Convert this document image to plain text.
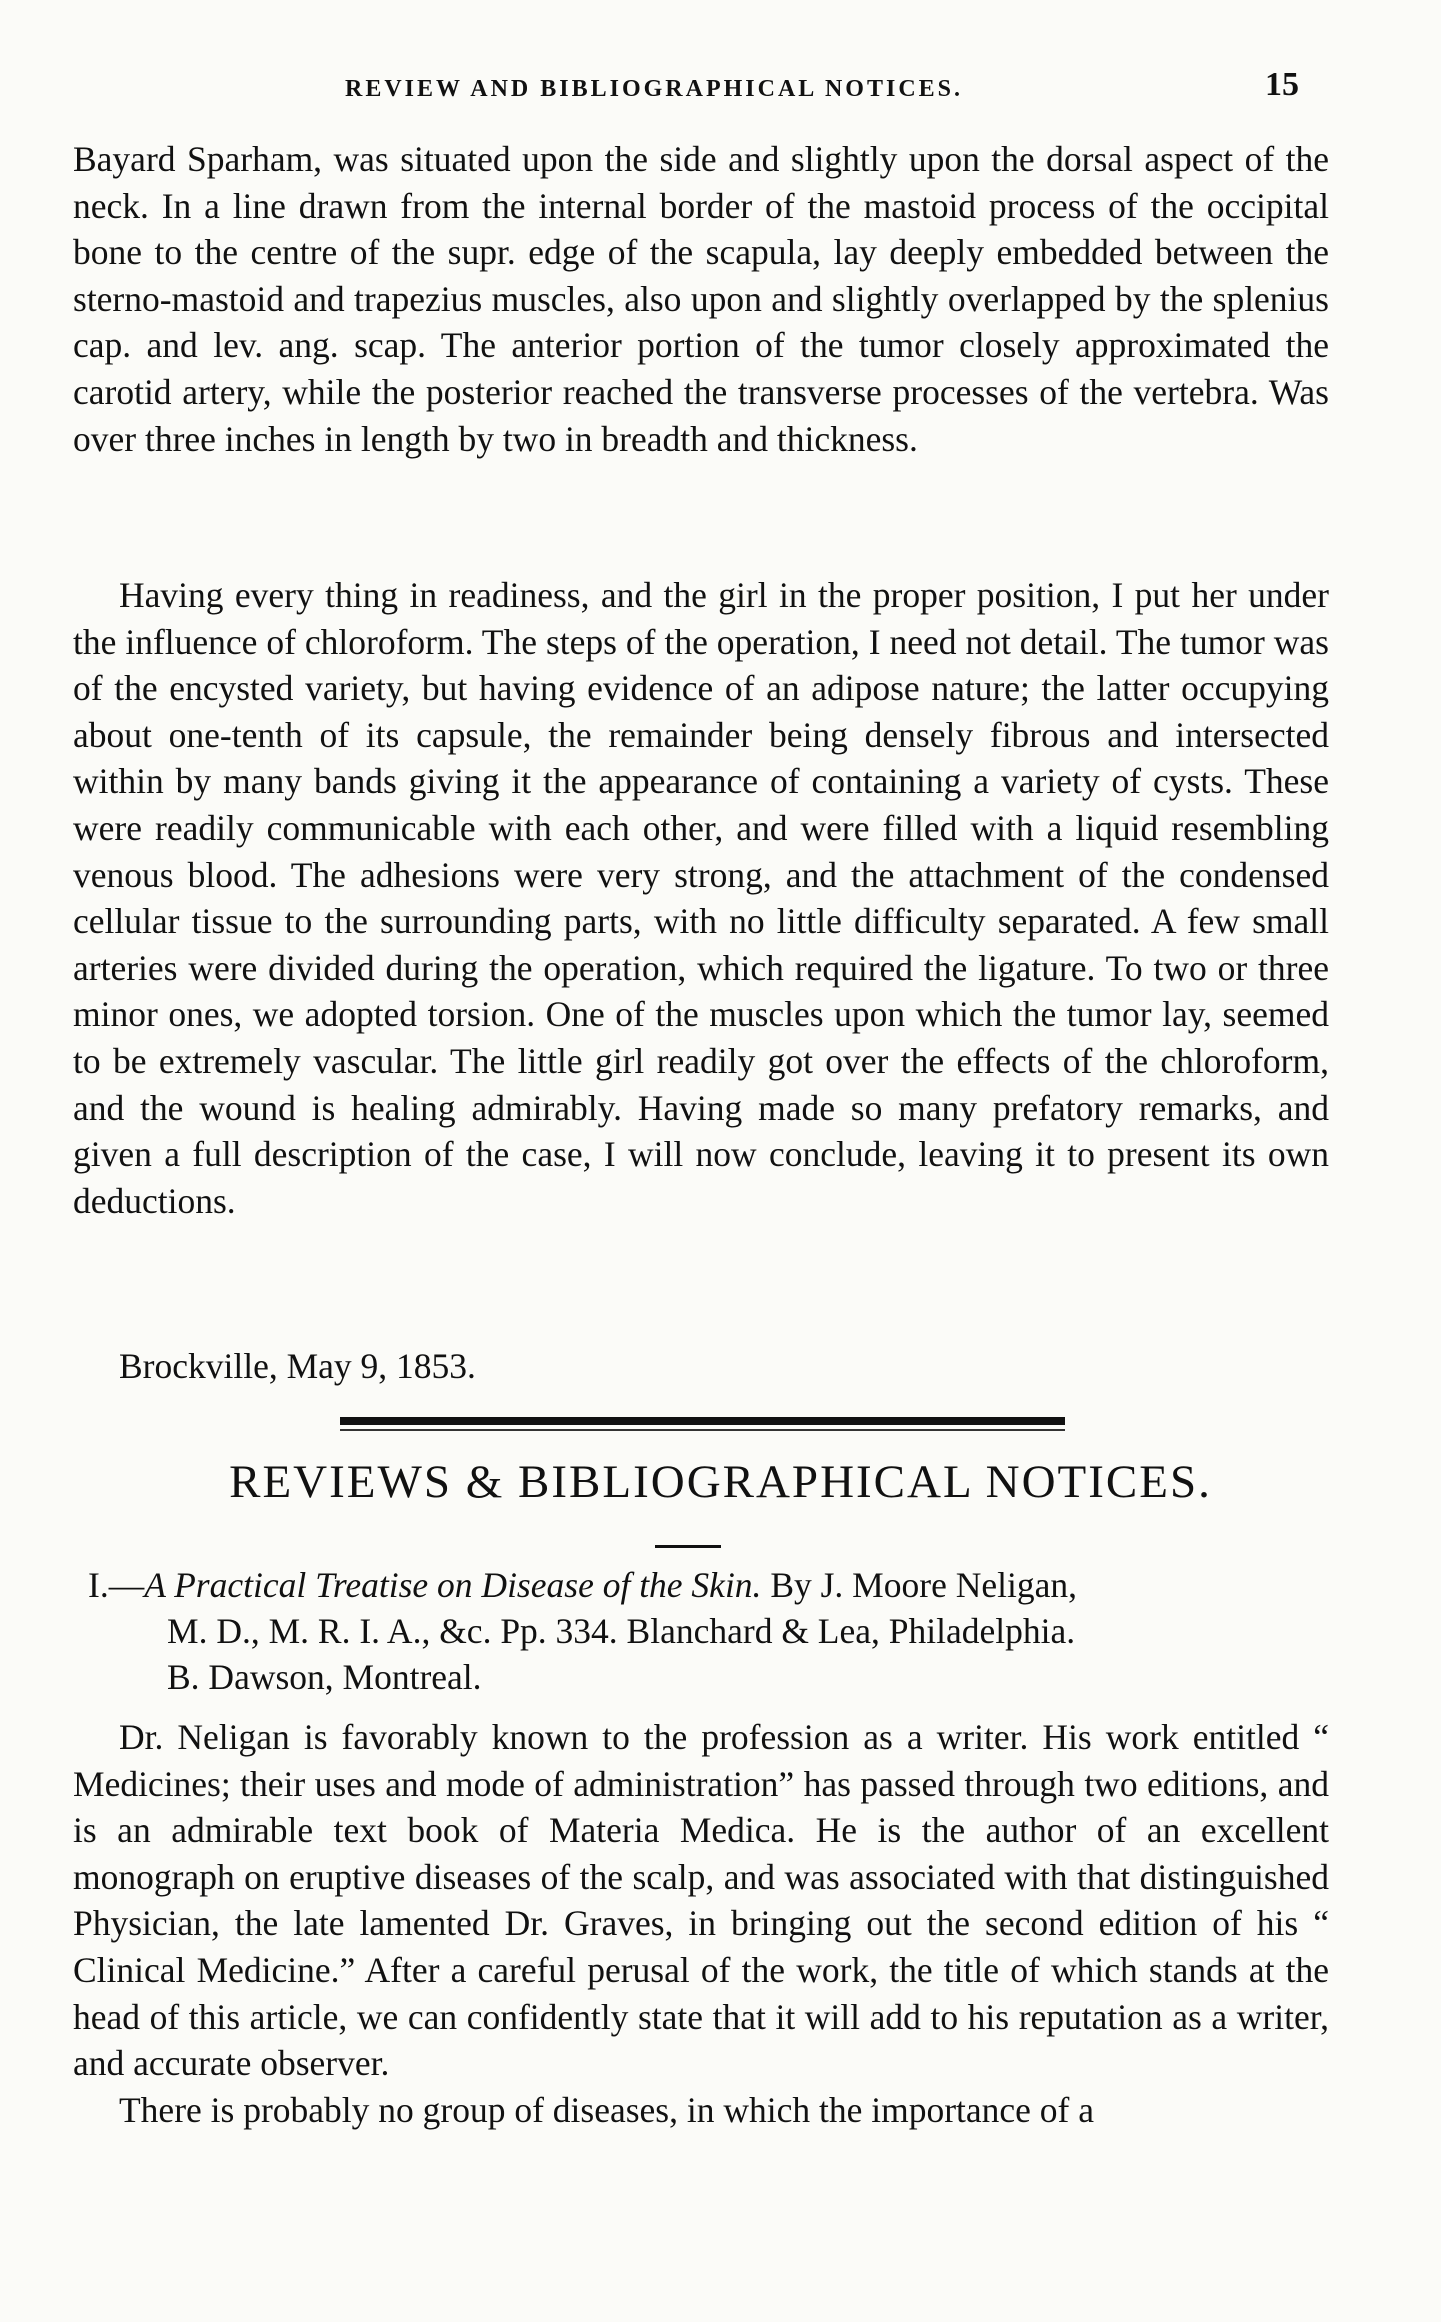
REVIEW AND BIBLIOGRAPHICAL NOTICES.	15

Bayard Sparham, was situated upon the side and slightly upon the dorsal aspect of the neck. In a line drawn from the internal border of the mastoid process of the occipital bone to the centre of the supr. edge of the scapula, lay deeply embedded between the sterno-mastoid and trapezius muscles, also upon and slightly overlapped by the splenius cap. and lev. ang. scap. The anterior portion of the tumor closely approximated the carotid artery, while the posterior reached the transverse processes of the vertebra. Was over three inches in length by two in breadth and thickness.

Having every thing in readiness, and the girl in the proper position, I put her under the influence of chloroform. The steps of the operation, I need not detail. The tumor was of the encysted variety, but having evidence of an adipose nature; the latter occupying about one-tenth of its capsule, the remainder being densely fibrous and intersected within by many bands giving it the appearance of containing a variety of cysts. These were readily communicable with each other, and were filled with a liquid resembling venous blood. The adhesions were very strong, and the attachment of the condensed cellular tissue to the surrounding parts, with no little difficulty separated. A few small arteries were divided during the operation, which required the ligature. To two or three minor ones, we adopted torsion. One of the muscles upon which the tumor lay, seemed to be extremely vascular. The little girl readily got over the effects of the chloroform, and the wound is healing admirably. Having made so many prefatory remarks, and given a full description of the case, I will now conclude, leaving it to present its own deductions.

Brockville, May 9, 1853.
REVIEWS & BIBLIOGRAPHICAL NOTICES.
I.—A Practical Treatise on Disease of the Skin. By J. Moore Neligan,
M. D., M. R. I. A., &c. Pp. 334. Blanchard & Lea, Philadelphia.
B. Dawson, Montreal.

Dr. Neligan is favorably known to the profession as a writer. His work entitled “ Medicines; their uses and mode of administration” has passed through two editions, and is an admirable text book of Materia Medica. He is the author of an excellent monograph on eruptive diseases of the scalp, and was associated with that distinguished Physician, the late lamented Dr. Graves, in bringing out the second edition of his “ Clinical Medicine.” After a careful perusal of the work, the title of which stands at the head of this article, we can confidently state that it will add to his reputation as a writer, and accurate observer.

There is probably no group of diseases, in which the importance of a
